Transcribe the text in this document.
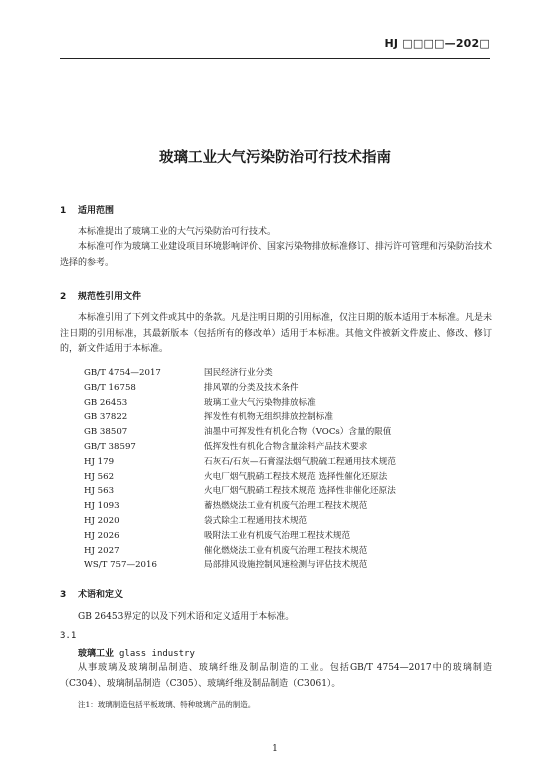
HJ □□□□—202□
玻璃工业大气污染防治可行技术指南
1 适用范围
本标准提出了玻璃工业的大气污染防治可行技术。
本标准可作为玻璃工业建设项目环境影响评价、国家污染物排放标准修订、排污许可管理和污染防治技术选择的参考。
2 规范性引用文件
本标准引用了下列文件或其中的条款。凡是注明日期的引用标准，仅注日期的版本适用于本标准。凡是未注日期的引用标准，其最新版本（包括所有的修改单）适用于本标准。其他文件被新文件废止、修改、修订的，新文件适用于本标准。
GB/T 4754—2017	国民经济行业分类
GB/T 16758	排风罩的分类及技术条件
GB 26453	玻璃工业大气污染物排放标准
GB 37822	挥发性有机物无组织排放控制标准
GB 38507	油墨中可挥发性有机化合物（VOCs）含量的限值
GB/T 38597	低挥发性有机化合物含量涂料产品技术要求
HJ 179	石灰石/石灰—石膏湿法烟气脱硫工程通用技术规范
HJ 562	火电厂烟气脱硝工程技术规范 选择性催化还原法
HJ 563	火电厂烟气脱硝工程技术规范 选择性非催化还原法
HJ 1093	蓄热燃烧法工业有机废气治理工程技术规范
HJ 2020	袋式除尘工程通用技术规范
HJ 2026	吸附法工业有机废气治理工程技术规范
HJ 2027	催化燃烧法工业有机废气治理工程技术规范
WS/T 757—2016	局部排风设施控制风速检测与评估技术规范
3 术语和定义
GB 26453界定的以及下列术语和定义适用于本标准。
3.1
玻璃工业 glass industry
从事玻璃及玻璃制品制造、玻璃纤维及制品制造的工业。包括GB/T 4754—2017中的玻璃制造（C304）、玻璃制品制造（C305）、玻璃纤维及制品制造（C3061）。
注1：玻璃制造包括平板玻璃、特种玻璃产品的制造。
1
